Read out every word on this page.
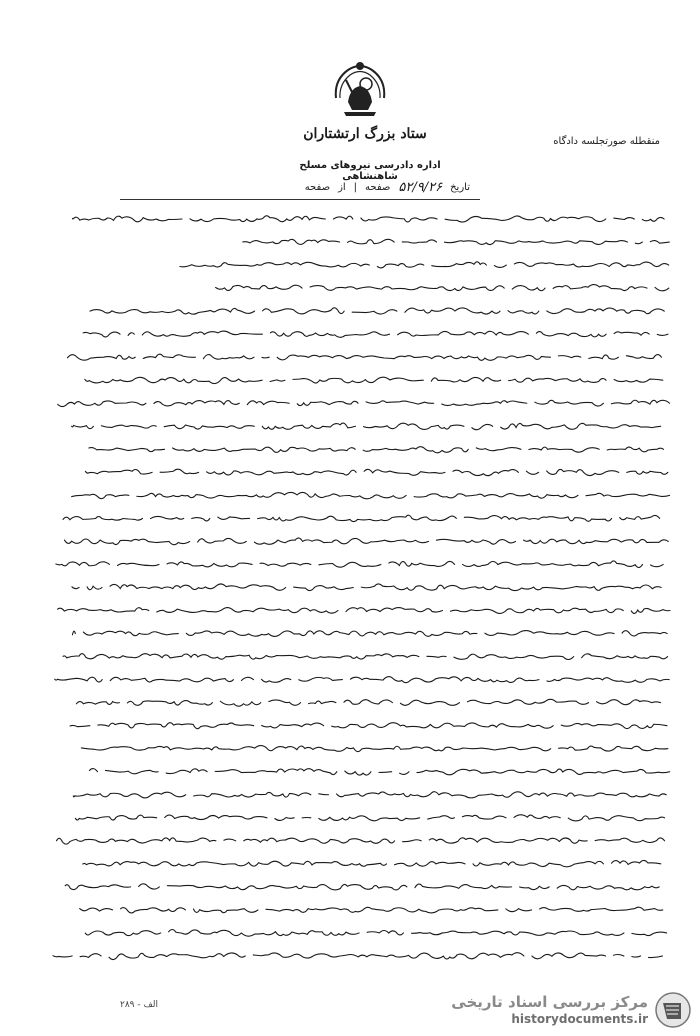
ستاد بزرگ ارتشتاران	منقطله صورتجلسه دادگاه
اداره دادرسی نیروهای مسلح شاهنشاهی
تاریخ
۵۲/۹/۲۶
صفحه
|
از
صفحه
۲۸۹ - الف	مرکز بررسی اسناد تاریخی
historydocuments.ir
